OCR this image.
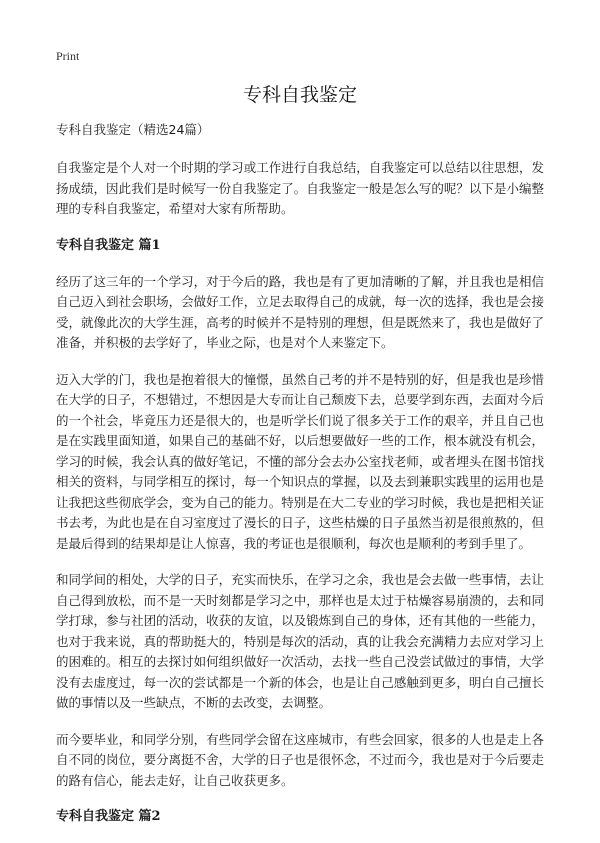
Print
专科自我鉴定

专科自我鉴定（精选24篇）

自我鉴定是个人对一个时期的学习或工作进行自我总结，自我鉴定可以总结以往思想，发扬成绩，因此我们是时候写一份自我鉴定了。自我鉴定一般是怎么写的呢？以下是小编整理的专科自我鉴定，希望对大家有所帮助。

专科自我鉴定 篇1

经历了这三年的一个学习，对于今后的路，我也是有了更加清晰的了解，并且我也是相信自己迈入到社会职场，会做好工作，立足去取得自己的成就，每一次的选择，我也是会接受，就像此次的大学生涯，高考的时候并不是特别的理想，但是既然来了，我也是做好了准备，并积极的去学好了，毕业之际，也是对个人来鉴定下。

迈入大学的门，我也是抱着很大的憧憬，虽然自己考的并不是特别的好，但是我也是珍惜在大学的日子，不想错过，不想因是大专而让自己颓废下去，总要学到东西，去面对今后的一个社会，毕竟压力还是很大的，也是听学长们说了很多关于工作的艰辛，并且自己也是在实践里面知道，如果自己的基础不好，以后想要做好一些的工作，根本就没有机会，学习的时候，我会认真的做好笔记，不懂的部分会去办公室找老师，或者埋头在图书馆找相关的资料，与同学相互的探讨，每一个知识点的掌握，以及去到兼职实践里的运用也是让我把这些彻底学会，变为自己的能力。特别是在大二专业的学习时候，我也是把相关证书去考，为此也是在自习室度过了漫长的日子，这些枯燥的日子虽然当初是很煎熬的，但是最后得到的结果却是让人惊喜，我的考证也是很顺利，每次也是顺利的考到手里了。

和同学间的相处，大学的日子，充实而快乐，在学习之余，我也是会去做一些事情，去让自己得到放松，而不是一天时刻都是学习之中，那样也是太过于枯燥容易崩溃的，去和同学打球，参与社团的活动，收获的友谊，以及锻炼到自己的身体，还有其他的一些能力，也对于我来说，真的帮助挺大的，特别是每次的活动，真的让我会充满精力去应对学习上的困难的。相互的去探讨如何组织做好一次活动，去找一些自己没尝试做过的事情，大学没有去虚度过，每一次的尝试都是一个新的体会，也是让自己感触到更多，明白自己擅长做的事情以及一些缺点，不断的去改变，去调整。

而今要毕业，和同学分别，有些同学会留在这座城市，有些会回家，很多的人也是走上各自不同的岗位，要分离挺不舍，大学的日子也是很怀念，不过而今，我也是对于今后要走的路有信心，能去走好，让自己收获更多。

专科自我鉴定 篇2
